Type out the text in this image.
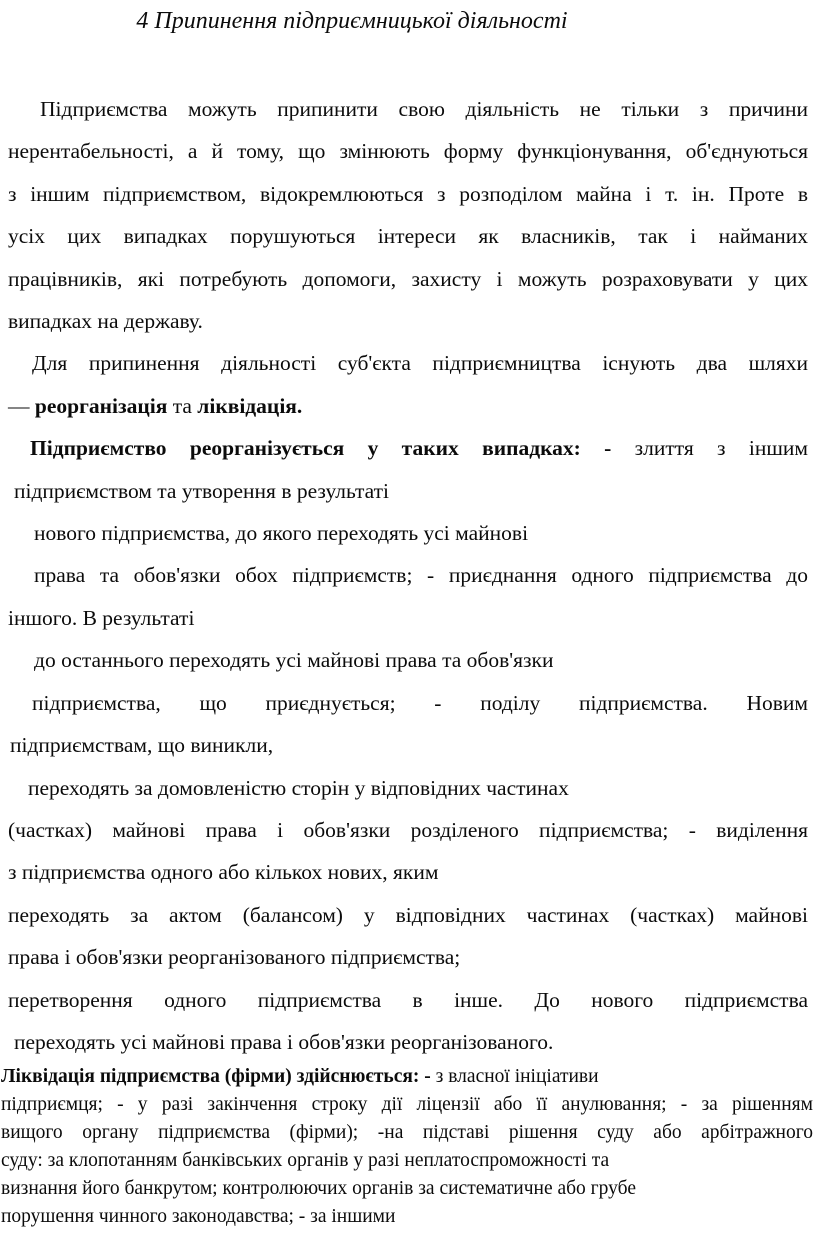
4 Припинення підприємницької діяльності
Підприємства можуть припинити свою діяльність не тільки з причини
нерентабельності, а й тому, що змінюють форму функціонування, об'єднуються
з іншим підприємством, відокремлюються з розподілом майна і т. ін. Проте в
усіх цих випадках порушуються інтереси як власників, так і найманих
працівників, які потребують допомоги, захисту і можуть розраховувати у цих
випадках на державу.
Для припинення діяльності суб'єкта підприємництва існують два шляхи
— реорганізація та ліквідація.
Підприємство реорганізується у таких випадках: - злиття з іншим
підприємством та утворення в результаті
нового підприємства, до якого переходять усі майнові
права та обов'язки обох підприємств; - приєднання одного підприємства до
іншого. В результаті
до останнього переходять усі майнові права та обов'язки
підприємства, що приєднується; - поділу підприємства. Новим
підприємствам, що виникли,
переходять за домовленістю сторін у відповідних частинах
(частках) майнові права і обов'язки розділеного підприємства; - виділення
з підприємства одного або кількох нових, яким
переходять за актом (балансом) у відповідних частинах (частках) майнові
права і обов'язки реорганізованого підприємства;
перетворення одного підприємства в інше. До нового підприємства
переходять усі майнові права і обов'язки реорганізованого.
Ліквідація підприємства (фірми) здійснюється: - з власної ініціативи
підприємця; - у разі закінчення строку дії ліцензії або її анулювання; - за рішенням
вищого органу підприємства (фірми); -на підставі рішення суду або арбітражного
суду: за клопотанням банківських органів у разі неплатоспроможності та
визнання його банкрутом; контролюючих органів за систематичне або грубе
порушення чинного законодавства; - за іншими
